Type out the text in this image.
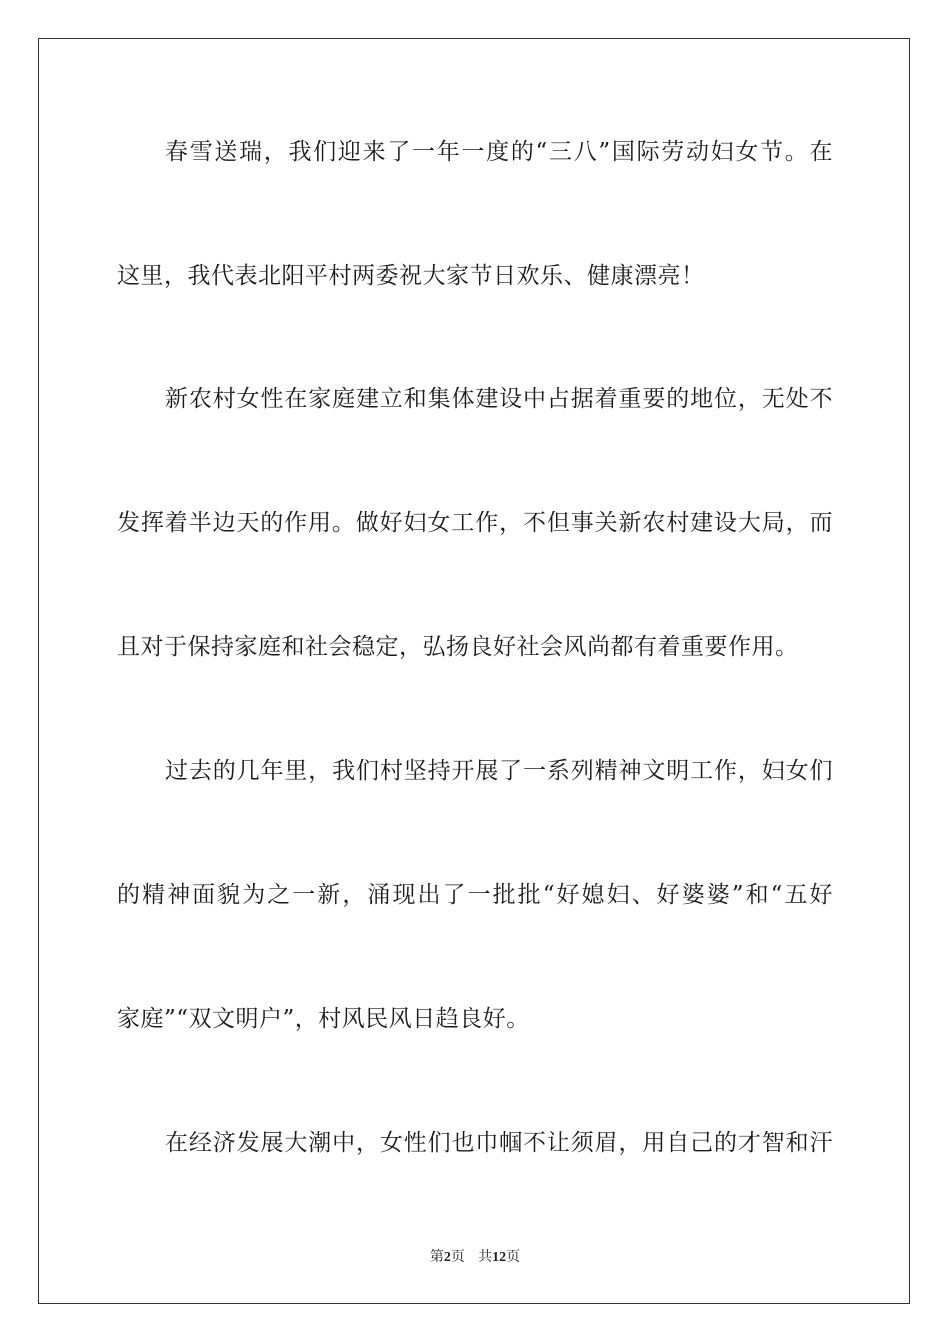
春雪送瑞，我们迎来了一年一度的“三八”国际劳动妇女节。在
这里，我代表北阳平村两委祝大家节日欢乐、健康漂亮！
新农村女性在家庭建立和集体建设中占据着重要的地位，无处不
发挥着半边天的作用。做好妇女工作，不但事关新农村建设大局，而
且对于保持家庭和社会稳定，弘扬良好社会风尚都有着重要作用。
过去的几年里，我们村坚持开展了一系列精神文明工作，妇女们
的精神面貌为之一新，涌现出了一批批“好媳妇、好婆婆”和“五好
家庭”“双文明户”，村风民风日趋良好。
在经济发展大潮中，女性们也巾帼不让须眉，用自己的才智和汗
第2页 共12页
